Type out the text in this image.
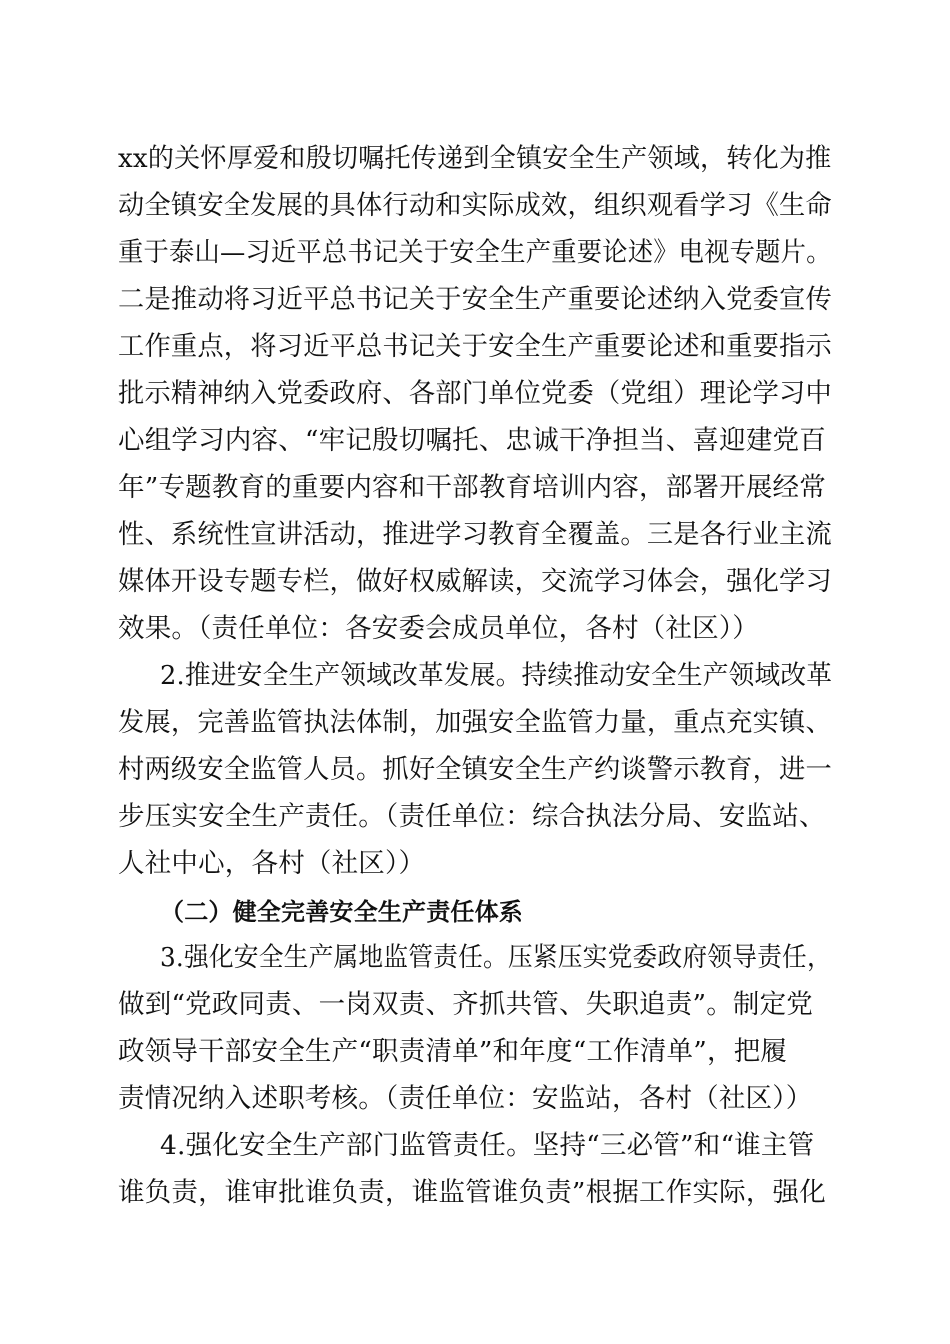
xx的关怀厚爱和殷切嘱托传递到全镇安全生产领域，转化为推
动全镇安全发展的具体行动和实际成效，组织观看学习《生命
重于泰山—习近平总书记关于安全生产重要论述》电视专题片。
二是推动将习近平总书记关于安全生产重要论述纳入党委宣传
工作重点，将习近平总书记关于安全生产重要论述和重要指示
批示精神纳入党委政府、各部门单位党委（党组）理论学习中
心组学习内容、“牢记殷切嘱托、忠诚干净担当、喜迎建党百
年”专题教育的重要内容和干部教育培训内容，部署开展经常
性、系统性宣讲活动，推进学习教育全覆盖。三是各行业主流
媒体开设专题专栏，做好权威解读，交流学习体会，强化学习
效果。（责任单位：各安委会成员单位，各村（社区））
2.推进安全生产领域改革发展。持续推动安全生产领域改革
发展，完善监管执法体制，加强安全监管力量，重点充实镇、
村两级安全监管人员。抓好全镇安全生产约谈警示教育，进一
步压实安全生产责任。（责任单位：综合执法分局、安监站、
人社中心，各村（社区））
（二）健全完善安全生产责任体系
3.强化安全生产属地监管责任。压紧压实党委政府领导责任，
做到“党政同责、一岗双责、齐抓共管、失职追责”。制定党
政领导干部安全生产“职责清单”和年度“工作清单”，把履
责情况纳入述职考核。（责任单位：安监站，各村（社区））
4.强化安全生产部门监管责任。坚持“三必管”和“谁主管
谁负责，谁审批谁负责，谁监管谁负责”根据工作实际，强化
